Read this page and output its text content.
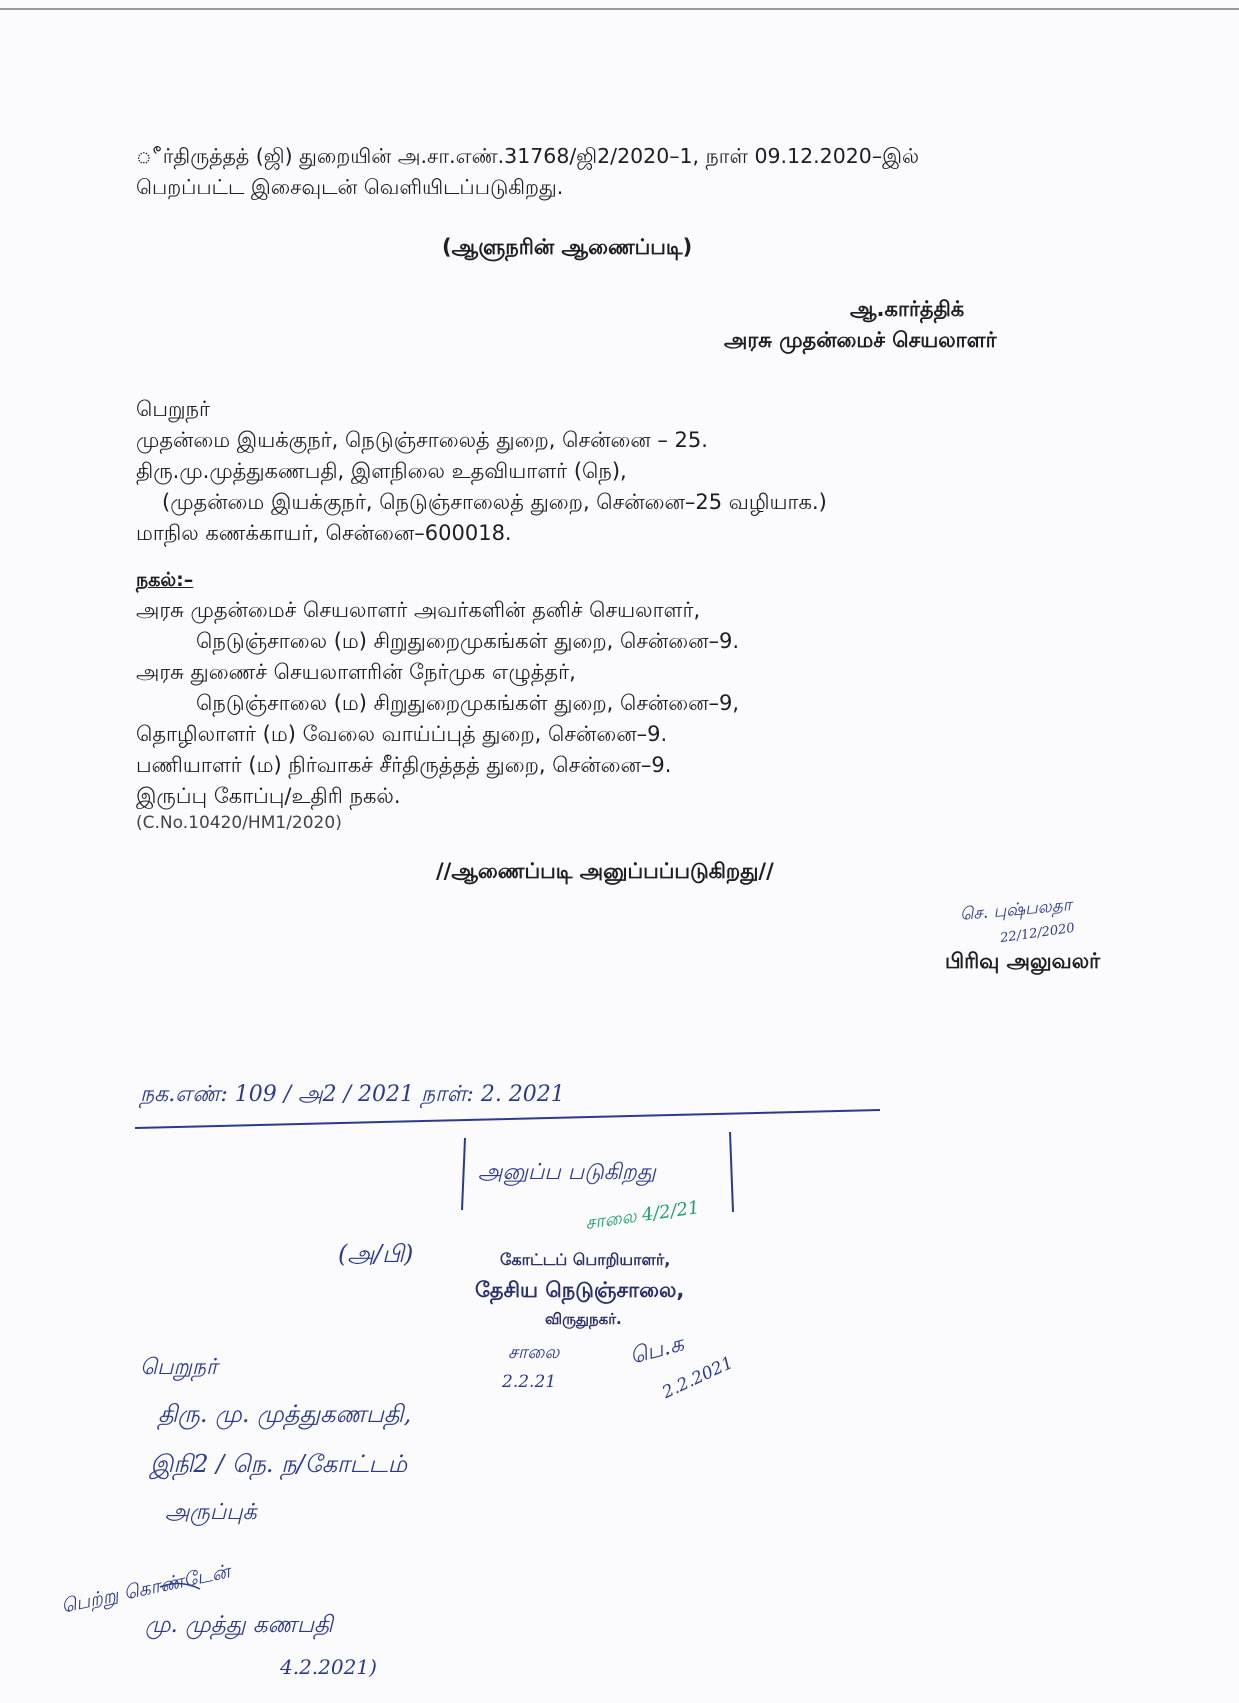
ீர்திருத்தத் (ஜி) துறையின் அ.சா.எண்.31768/ஜி2/2020–1, நாள் 09.12.2020–இல்
பெறப்பட்ட இசைவுடன் வெளியிடப்படுகிறது.
(ஆளுநரின் ஆணைப்படி)
ஆ.கார்த்திக்
அரசு முதன்மைச் செயலாளர்
பெறுநர்
முதன்மை இயக்குநர், நெடுஞ்சாலைத் துறை, சென்னை – 25.
திரு.மு.முத்துகணபதி, இளநிலை உதவியாளர் (நெ),
(முதன்மை இயக்குநர், நெடுஞ்சாலைத் துறை, சென்னை–25 வழியாக.)
மாநில கணக்காயர், சென்னை–600018.
நகல்:–
அரசு முதன்மைச் செயலாளர் அவர்களின் தனிச் செயலாளர்,
நெடுஞ்சாலை (ம) சிறுதுறைமுகங்கள் துறை, சென்னை–9.
அரசு துணைச் செயலாளரின் நேர்முக எழுத்தர்,
நெடுஞ்சாலை (ம) சிறுதுறைமுகங்கள் துறை, சென்னை–9,
தொழிலாளர் (ம) வேலை வாய்ப்புத் துறை, சென்னை–9.
பணியாளர் (ம) நிர்வாகச் சீர்திருத்தத் துறை, சென்னை–9.
இருப்பு கோப்பு/உதிரி நகல்.
(C.No.10420/HM1/2020)
//ஆணைப்படி அனுப்பப்படுகிறது//
செ. புஷ்பலதா
22/12/2020
பிரிவு அலுவலர்
நக.எண்: 109 / அ2 / 2021 நாள்: 2. 2021
அனுப்ப படுகிறது
சாலை 4/2/21
(அ/பி)	கோட்டப் பொறியாளர்,
தேசிய நெடுஞ்சாலை,
விருதுநகர்.
சாலை
2.2.21
பெ.க
2.2.2021
பெறுநர்
திரு. மு. முத்துகணபதி,
இநி2 / நெ. ந/கோட்டம்
அருப்புக்
பெற்று கொண்டேன்
மு. முத்து கணபதி
4.2.2021)
